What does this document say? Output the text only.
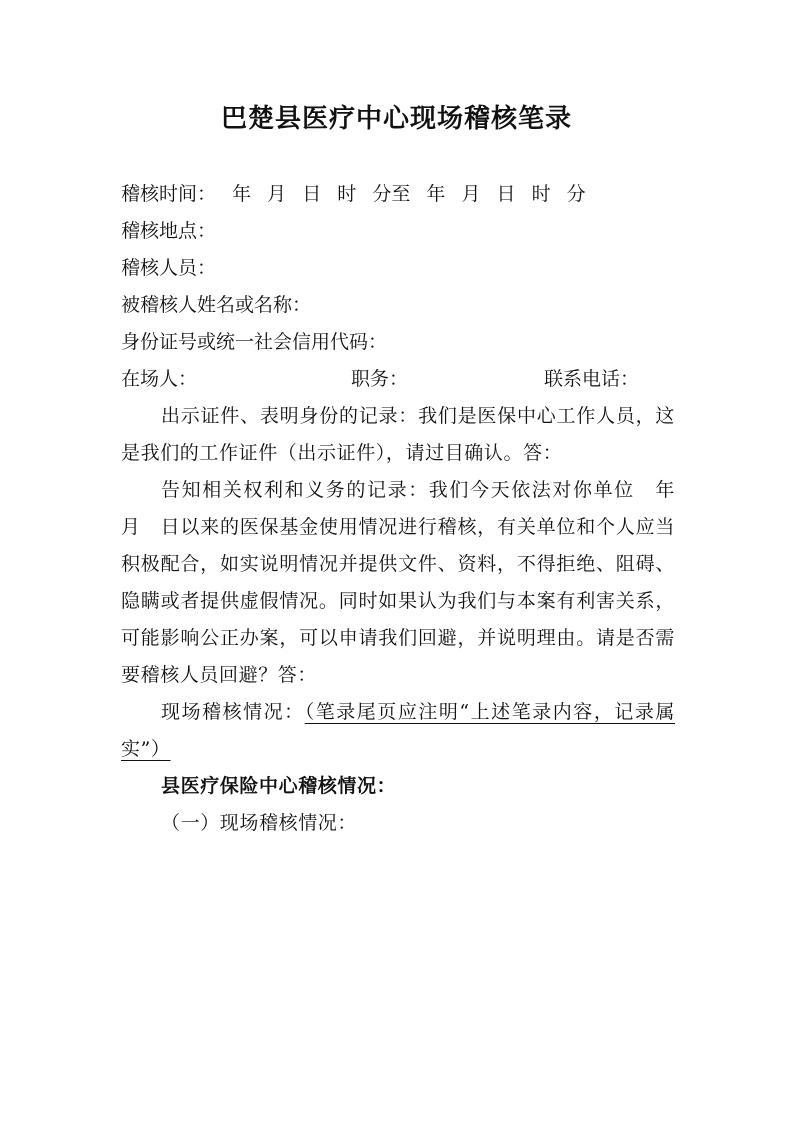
巴楚县医疗中心现场稽核笔录
稽核时间： 年 月 日 时 分至 年 月 日 时 分
稽核地点：
稽核人员：
被稽核人姓名或名称：
身份证号或统一社会信用代码：
在场人：	职务：	联系电话：

出示证件、表明身份的记录：我们是医保中心工作人员，这是我们的工作证件（出示证件），请过目确认。答：

告知相关权利和义务的记录：我们今天依法对你单位　年　月　日以来的医保基金使用情况进行稽核，有关单位和个人应当积极配合，如实说明情况并提供文件、资料，不得拒绝、阻碍、隐瞒或者提供虚假情况。同时如果认为我们与本案有利害关系，可能影响公正办案，可以申请我们回避，并说明理由。请是否需要稽核人员回避？答：

现场稽核情况：（笔录尾页应注明“上述笔录内容，记录属实”）

县医疗保险中心稽核情况：

（一）现场稽核情况：
